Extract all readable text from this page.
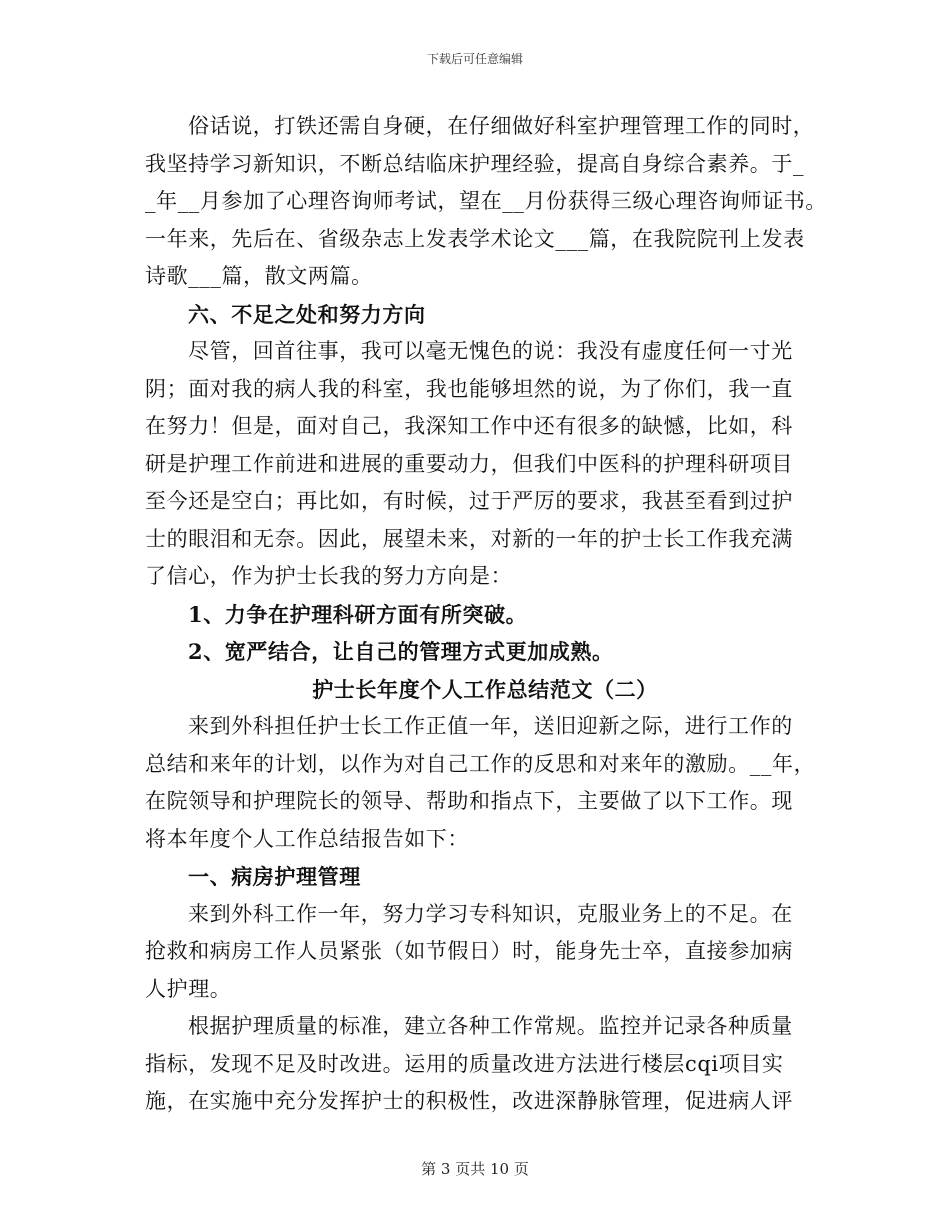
下载后可任意编辑
俗话说，打铁还需自身硬，在仔细做好科室护理管理工作的同时，
我坚持学习新知识，不断总结临床护理经验，提高自身综合素养。于_
_年__月参加了心理咨询师考试，望在__月份获得三级心理咨询师证书。
一年来，先后在、省级杂志上发表学术论文___篇，在我院院刊上发表
诗歌___篇，散文两篇。
六、不足之处和努力方向
尽管，回首往事，我可以毫无愧色的说：我没有虚度任何一寸光
阴；面对我的病人我的科室，我也能够坦然的说，为了你们，我一直
在努力！但是，面对自己，我深知工作中还有很多的缺憾，比如，科
研是护理工作前进和进展的重要动力，但我们中医科的护理科研项目
至今还是空白；再比如，有时候，过于严厉的要求，我甚至看到过护
士的眼泪和无奈。因此，展望未来，对新的一年的护士长工作我充满
了信心，作为护士长我的努力方向是：
1、力争在护理科研方面有所突破。
2、宽严结合，让自己的管理方式更加成熟。
护士长年度个人工作总结范文（二）
来到外科担任护士长工作正值一年，送旧迎新之际，进行工作的
总结和来年的计划，以作为对自己工作的反思和对来年的激励。__年，
在院领导和护理院长的领导、帮助和指点下，主要做了以下工作。现
将本年度个人工作总结报告如下：
一、病房护理管理
来到外科工作一年，努力学习专科知识，克服业务上的不足。在
抢救和病房工作人员紧张（如节假日）时，能身先士卒，直接参加病
人护理。
根据护理质量的标准，建立各种工作常规。监控并记录各种质量
指标，发现不足及时改进。运用的质量改进方法进行楼层cqi项目实
施，在实施中充分发挥护士的积极性，改进深静脉管理，促进病人评
第 3 页共 10 页
